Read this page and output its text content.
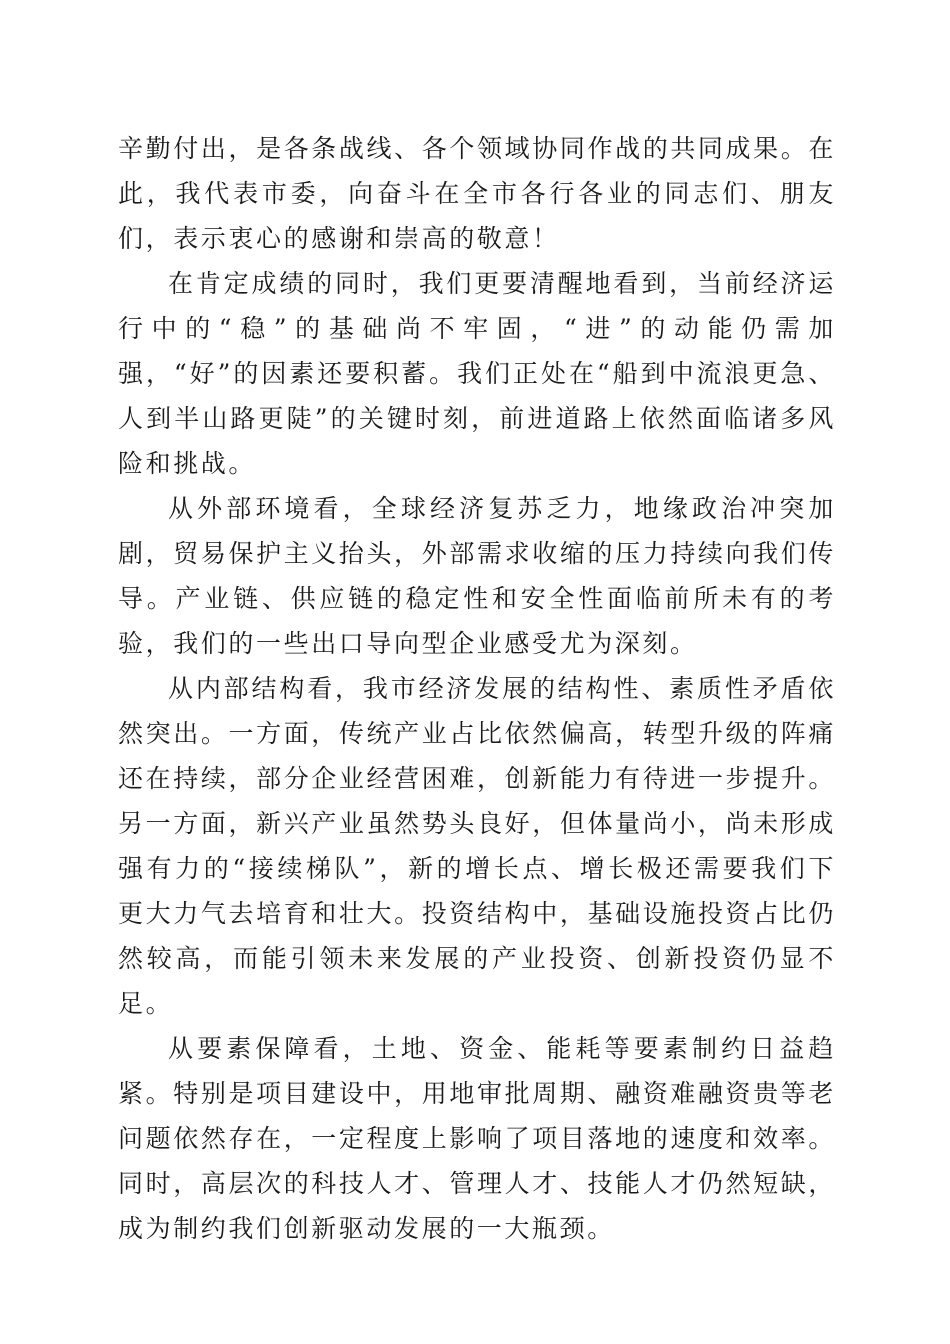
辛勤付出，是各条战线、各个领域协同作战的共同成果。在此，我代表市委，向奋斗在全市各行各业的同志们、朋友们，表示衷心的感谢和崇高的敬意！

在肯定成绩的同时，我们更要清醒地看到，当前经济运行中的“稳”的基础尚不牢固，“进”的动能仍需加强，“好”的因素还要积蓄。我们正处在“船到中流浪更急、人到半山路更陡”的关键时刻，前进道路上依然面临诸多风险和挑战。

从外部环境看，全球经济复苏乏力，地缘政治冲突加剧，贸易保护主义抬头，外部需求收缩的压力持续向我们传导。产业链、供应链的稳定性和安全性面临前所未有的考验，我们的一些出口导向型企业感受尤为深刻。

从内部结构看，我市经济发展的结构性、素质性矛盾依然突出。一方面，传统产业占比依然偏高，转型升级的阵痛还在持续，部分企业经营困难，创新能力有待进一步提升。另一方面，新兴产业虽然势头良好，但体量尚小，尚未形成强有力的“接续梯队”，新的增长点、增长极还需要我们下更大力气去培育和壮大。投资结构中，基础设施投资占比仍然较高，而能引领未来发展的产业投资、创新投资仍显不足。

从要素保障看，土地、资金、能耗等要素制约日益趋紧。特别是项目建设中，用地审批周期、融资难融资贵等老问题依然存在，一定程度上影响了项目落地的速度和效率。同时，高层次的科技人才、管理人才、技能人才仍然短缺，成为制约我们创新驱动发展的一大瓶颈。
